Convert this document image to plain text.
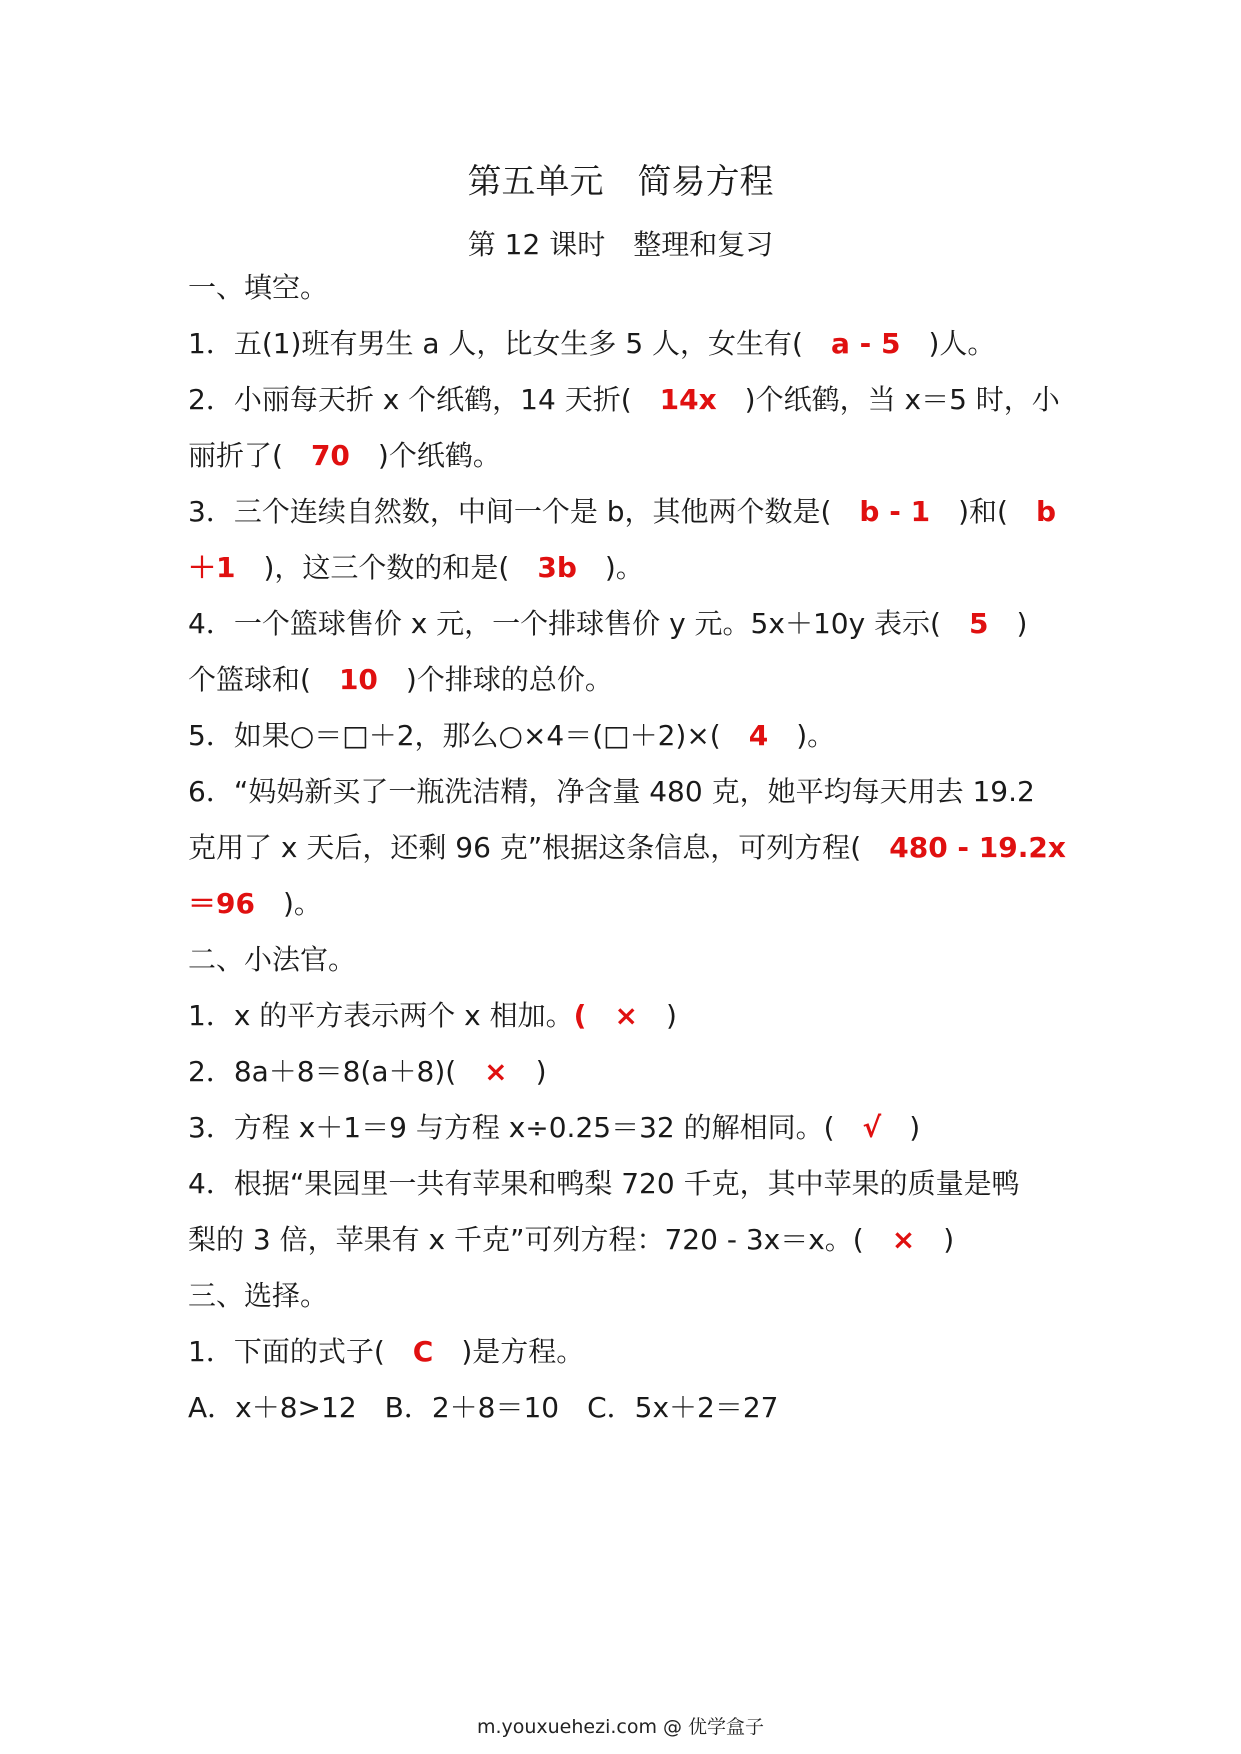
第五单元　简易方程
第 12 课时　整理和复习
一、填空。
1．五(1)班有男生 a 人，比女生多 5 人，女生有(　a - 5　)人。
2．小丽每天折 x 个纸鹤，14 天折(　14x　)个纸鹤，当 x＝5 时，小
丽折了(　70　)个纸鹤。
3．三个连续自然数，中间一个是 b，其他两个数是(　b - 1　)和(　b
＋1　)，这三个数的和是(　3b　)。
4．一个篮球售价 x 元，一个排球售价 y 元。5x＋10y 表示(　5　)
个篮球和(　10　)个排球的总价。
5．如果○＝□＋2，那么○×4＝(□＋2)×(　4　)。
6．“妈妈新买了一瓶洗洁精，净含量 480 克，她平均每天用去 19.2
克用了 x 天后，还剩 96 克”根据这条信息，可列方程(　480 - 19.2x
＝96　)。
二、小法官。
1．x 的平方表示两个 x 相加。(　×　)
2．8a＋8＝8(a＋8)(　×　)
3．方程 x＋1＝9 与方程 x÷0.25＝32 的解相同。(　√　)
4．根据“果园里一共有苹果和鸭梨 720 千克，其中苹果的质量是鸭
梨的 3 倍，苹果有 x 千克”可列方程：720 - 3x＝x。(　×　)
三、选择。
1．下面的式子(　C　)是方程。
A．x＋8>12　B．2＋8＝10　C．5x＋2＝27
m.youxuehezi.com @ 优学盒子
